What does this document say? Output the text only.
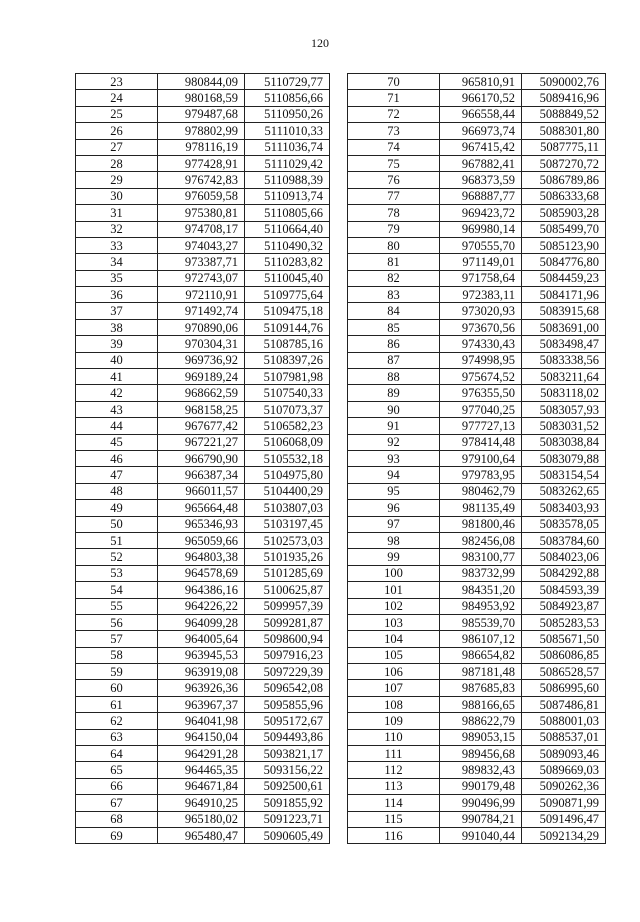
120
23	980844,09	5110729,77
24	980168,59	5110856,66
25	979487,68	5110950,26
26	978802,99	5111010,33
27	978116,19	5111036,74
28	977428,91	5111029,42
29	976742,83	5110988,39
30	976059,58	5110913,74
31	975380,81	5110805,66
32	974708,17	5110664,40
33	974043,27	5110490,32
34	973387,71	5110283,82
35	972743,07	5110045,40
36	972110,91	5109775,64
37	971492,74	5109475,18
38	970890,06	5109144,76
39	970304,31	5108785,16
40	969736,92	5108397,26
41	969189,24	5107981,98
42	968662,59	5107540,33
43	968158,25	5107073,37
44	967677,42	5106582,23
45	967221,27	5106068,09
46	966790,90	5105532,18
47	966387,34	5104975,80
48	966011,57	5104400,29
49	965664,48	5103807,03
50	965346,93	5103197,45
51	965059,66	5102573,03
52	964803,38	5101935,26
53	964578,69	5101285,69
54	964386,16	5100625,87
55	964226,22	5099957,39
56	964099,28	5099281,87
57	964005,64	5098600,94
58	963945,53	5097916,23
59	963919,08	5097229,39
60	963926,36	5096542,08
61	963967,37	5095855,96
62	964041,98	5095172,67
63	964150,04	5094493,86
64	964291,28	5093821,17
65	964465,35	5093156,22
66	964671,84	5092500,61
67	964910,25	5091855,92
68	965180,02	5091223,71
69	965480,47	5090605,49
70	965810,91	5090002,76
71	966170,52	5089416,96
72	966558,44	5088849,52
73	966973,74	5088301,80
74	967415,42	5087775,11
75	967882,41	5087270,72
76	968373,59	5086789,86
77	968887,77	5086333,68
78	969423,72	5085903,28
79	969980,14	5085499,70
80	970555,70	5085123,90
81	971149,01	5084776,80
82	971758,64	5084459,23
83	972383,11	5084171,96
84	973020,93	5083915,68
85	973670,56	5083691,00
86	974330,43	5083498,47
87	974998,95	5083338,56
88	975674,52	5083211,64
89	976355,50	5083118,02
90	977040,25	5083057,93
91	977727,13	5083031,52
92	978414,48	5083038,84
93	979100,64	5083079,88
94	979783,95	5083154,54
95	980462,79	5083262,65
96	981135,49	5083403,93
97	981800,46	5083578,05
98	982456,08	5083784,60
99	983100,77	5084023,06
100	983732,99	5084292,88
101	984351,20	5084593,39
102	984953,92	5084923,87
103	985539,70	5085283,53
104	986107,12	5085671,50
105	986654,82	5086086,85
106	987181,48	5086528,57
107	987685,83	5086995,60
108	988166,65	5087486,81
109	988622,79	5088001,03
110	989053,15	5088537,01
111	989456,68	5089093,46
112	989832,43	5089669,03
113	990179,48	5090262,36
114	990496,99	5090871,99
115	990784,21	5091496,47
116	991040,44	5092134,29
